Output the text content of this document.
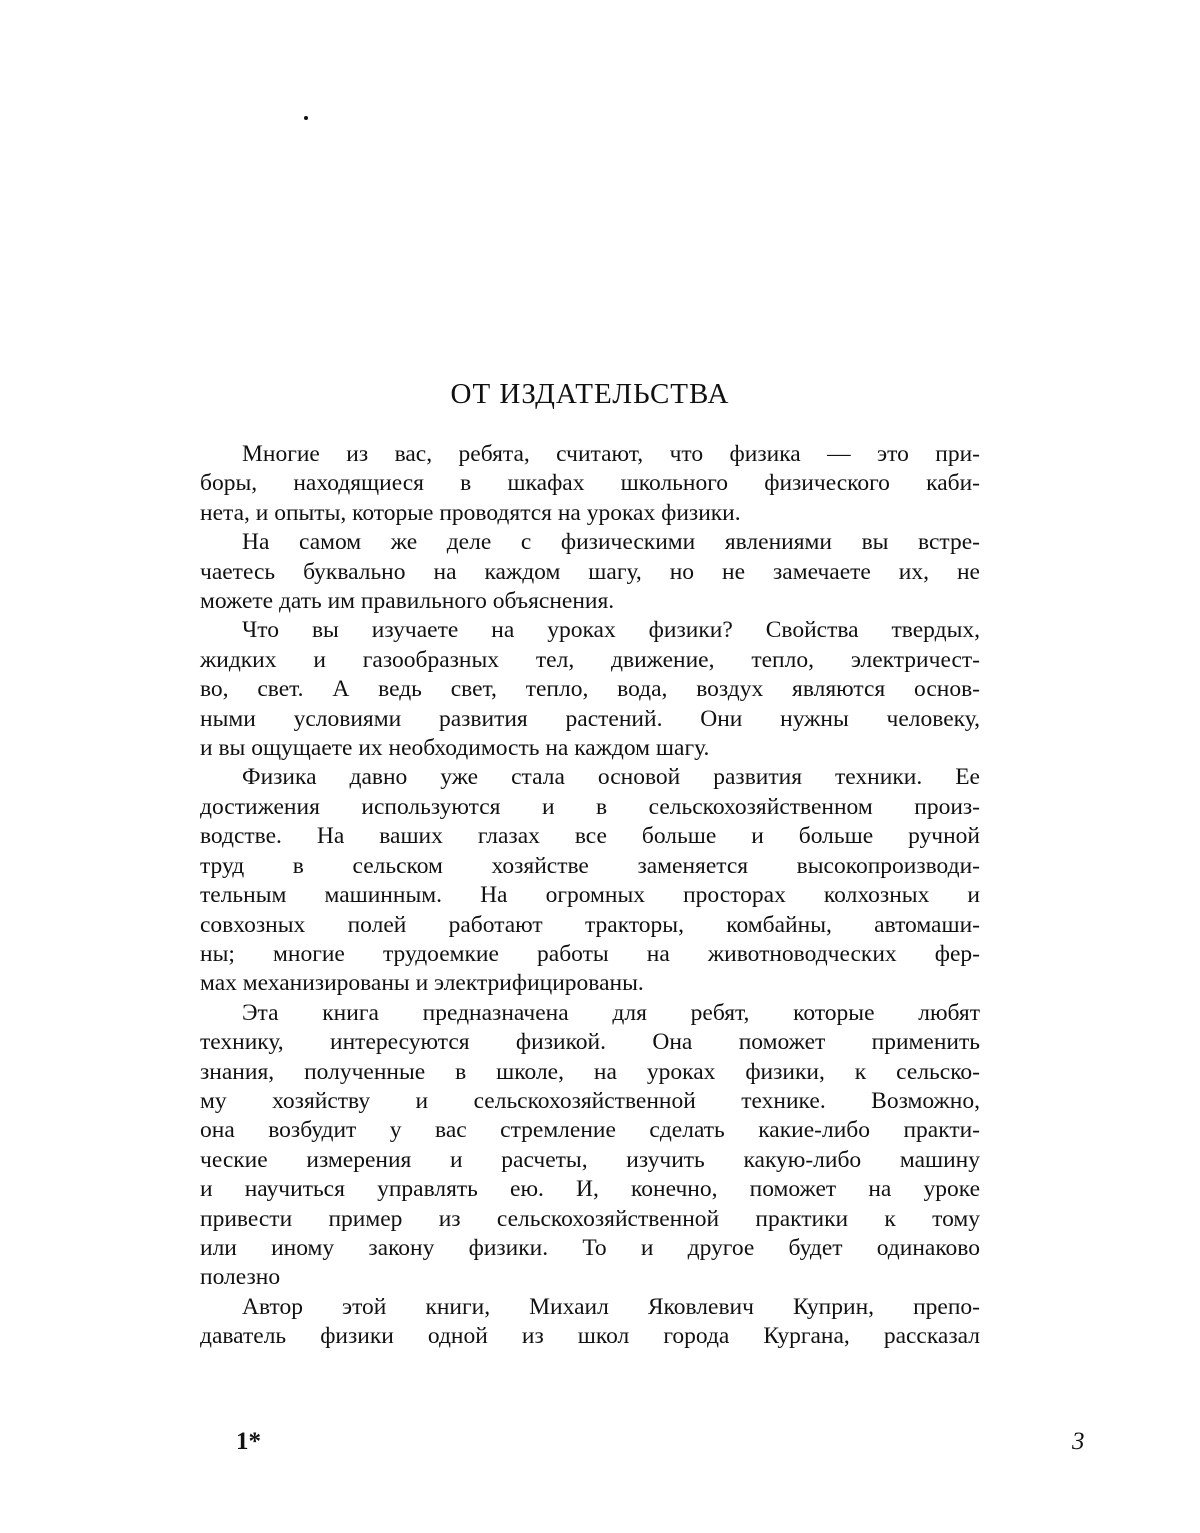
ОТ ИЗДАТЕЛЬСТВА

Многие из вас, ребята, считают, что физика — это при-
боры, находящиеся в шкафах школьного физического каби-
нета, и опыты, которые проводятся на уроках физики.

На самом же деле с физическими явлениями вы встре-
чаетесь буквально на каждом шагу, но не замечаете их, не
можете дать им правильного объяснения.

Что вы изучаете на уроках физики? Свойства твердых,
жидких и газообразных тел, движение, тепло, электричест-
во, свет. А ведь свет, тепло, вода, воздух являются основ-
ными условиями развития растений. Они нужны человеку,
и вы ощущаете их необходимость на каждом шагу.

Физика давно уже стала основой развития техники. Ее
достижения используются и в сельскохозяйственном произ-
водстве. На ваших глазах все больше и больше ручной
труд в сельском хозяйстве заменяется высокопроизводи-
тельным машинным. На огромных просторах колхозных и
совхозных полей работают тракторы, комбайны, автомаши-
ны; многие трудоемкие работы на животноводческих фер-
мах механизированы и электрифицированы.

Эта книга предназначена для ребят, которые любят
технику, интересуются физикой. Она поможет применить
знания, полученные в школе, на уроках физики, к сельско-
му хозяйству и сельскохозяйственной технике. Возможно,
она возбудит у вас стремление сделать какие-либо практи-
ческие измерения и расчеты, изучить какую-либо машину
и научиться управлять ею. И, конечно, поможет на уроке
привести пример из сельскохозяйственной практики к тому
или иному закону физики. То и другое будет одинаково
полезно

Автор этой книги, Михаил Яковлевич Куприн, препо-
даватель физики одной из школ города Кургана, рассказал

1*	3
